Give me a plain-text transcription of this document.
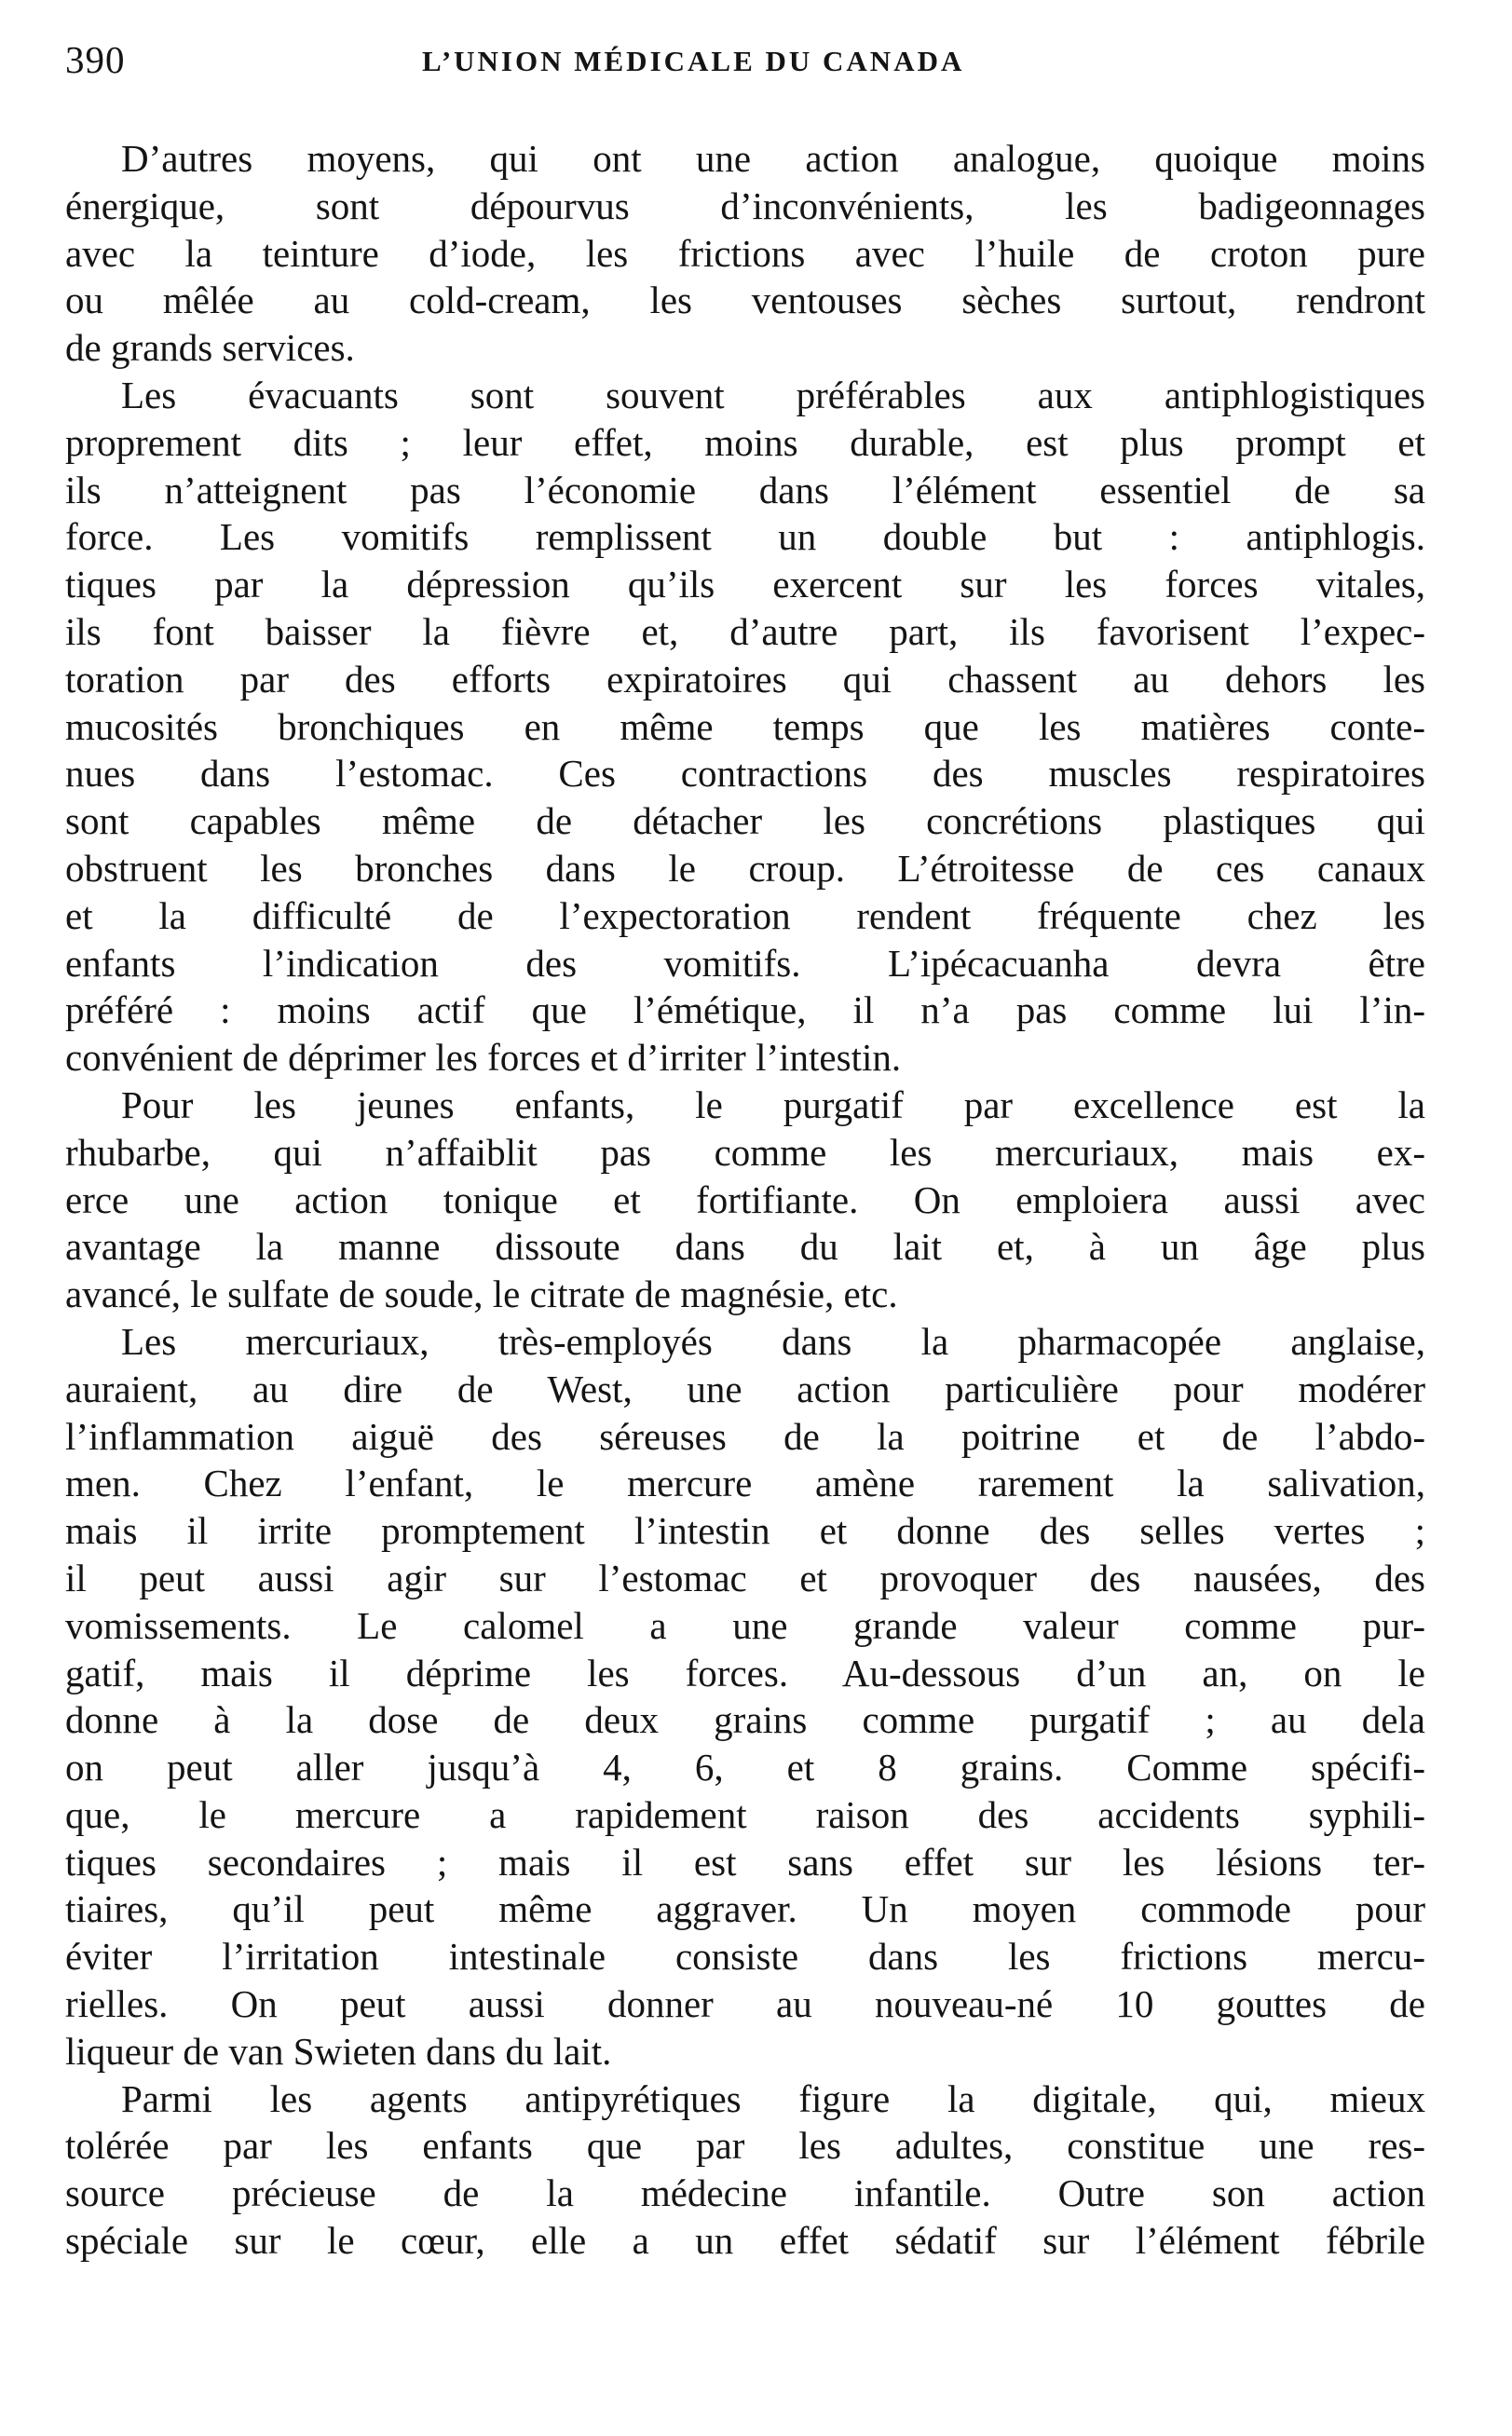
390	L’UNION MÉDICALE DU CANADA
D’autres moyens, qui ont une action analogue, quoique moins
énergique, sont dépourvus d’inconvénients, les badigeonnages
avec la teinture d’iode, les frictions avec l’huile de croton pure
ou mêlée au cold-cream, les ventouses sèches surtout, rendront
de grands services.
Les évacuants sont souvent préférables aux antiphlogistiques
proprement dits ; leur effet, moins durable, est plus prompt et
ils n’atteignent pas l’économie dans l’élément essentiel de sa
force. Les vomitifs remplissent un double but : antiphlogis.
tiques par la dépression qu’ils exercent sur les forces vitales,
ils font baisser la fièvre et, d’autre part, ils favorisent l’expec-
toration par des efforts expiratoires qui chassent au dehors les
mucosités bronchiques en même temps que les matières conte-
nues dans l’estomac. Ces contractions des muscles respiratoires
sont capables même de détacher les concrétions plastiques qui
obstruent les bronches dans le croup. L’étroitesse de ces canaux
et la difficulté de l’expectoration rendent fréquente chez les
enfants l’indication des vomitifs. L’ipécacuanha devra être
préféré : moins actif que l’émétique, il n’a pas comme lui l’in-
convénient de déprimer les forces et d’irriter l’intestin.
Pour les jeunes enfants, le purgatif par excellence est la
rhubarbe, qui n’affaiblit pas comme les mercuriaux, mais ex-
erce une action tonique et fortifiante. On emploiera aussi avec
avantage la manne dissoute dans du lait et, à un âge plus
avancé, le sulfate de soude, le citrate de magnésie, etc.
Les mercuriaux, très-employés dans la pharmacopée anglaise,
auraient, au dire de West, une action particulière pour modérer
l’inflammation aiguë des séreuses de la poitrine et de l’abdo-
men. Chez l’enfant, le mercure amène rarement la salivation,
mais il irrite promptement l’intestin et donne des selles vertes ;
il peut aussi agir sur l’estomac et provoquer des nausées, des
vomissements. Le calomel a une grande valeur comme pur-
gatif, mais il déprime les forces. Au-dessous d’un an, on le
donne à la dose de deux grains comme purgatif ; au dela
on peut aller jusqu’à 4, 6, et 8 grains. Comme spécifi-
que, le mercure a rapidement raison des accidents syphili-
tiques secondaires ; mais il est sans effet sur les lésions ter-
tiaires, qu’il peut même aggraver. Un moyen commode pour
éviter l’irritation intestinale consiste dans les frictions mercu-
rielles. On peut aussi donner au nouveau-né 10 gouttes de
liqueur de van Swieten dans du lait.
Parmi les agents antipyrétiques figure la digitale, qui, mieux
tolérée par les enfants que par les adultes, constitue une res-
source précieuse de la médecine infantile. Outre son action
spéciale sur le cœur, elle a un effet sédatif sur l’élément fébrile
